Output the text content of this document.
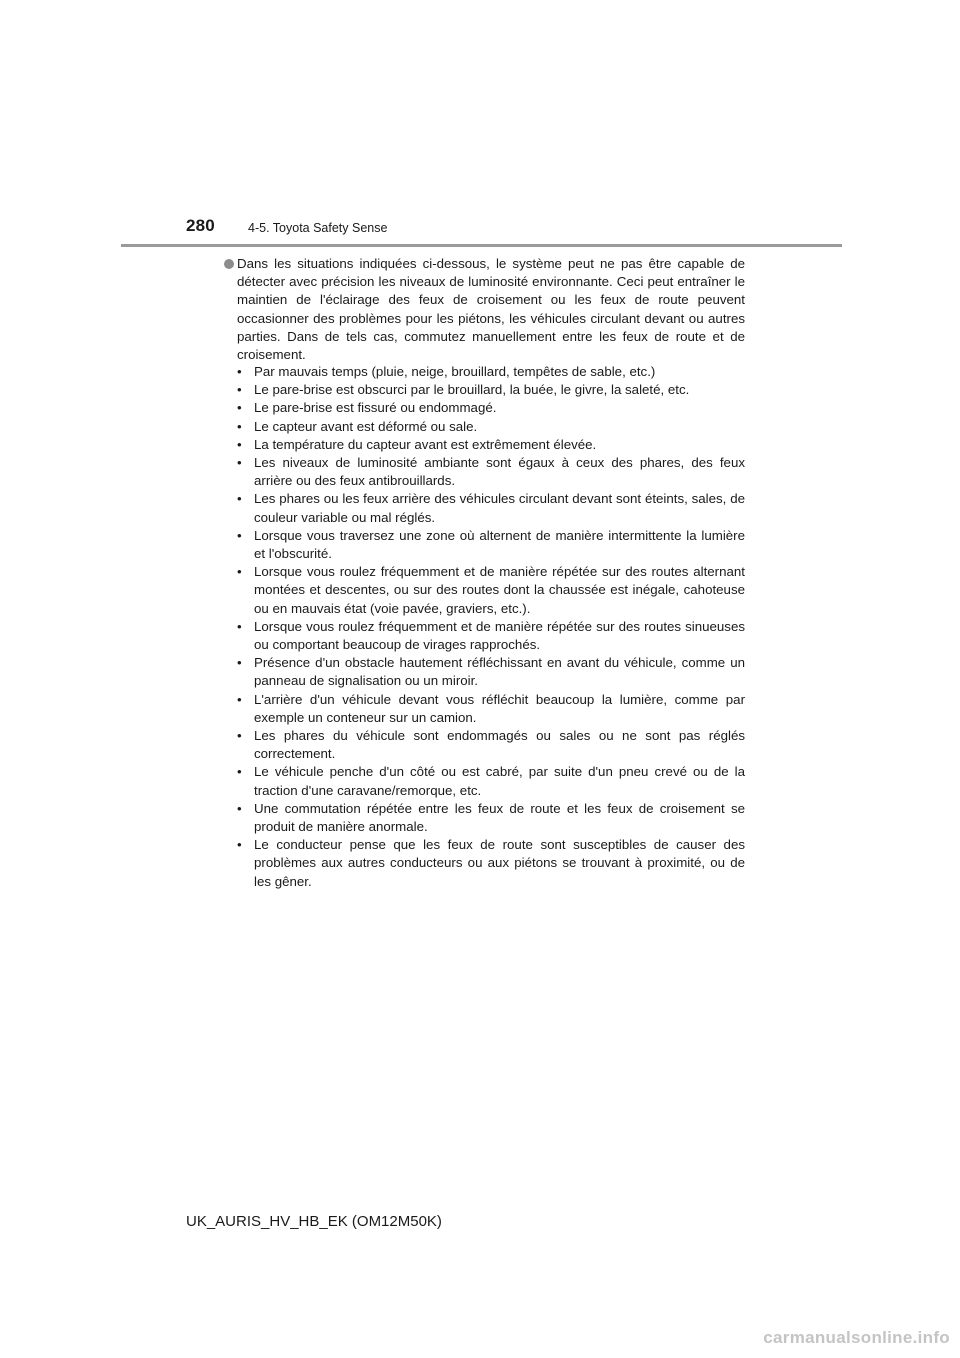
280	4-5. Toyota Safety Sense

Dans les situations indiquées ci-dessous, le système peut ne pas être capable de détecter avec précision les niveaux de luminosité environnante. Ceci peut entraîner le maintien de l'éclairage des feux de croisement ou les feux de route peuvent occasionner des problèmes pour les piétons, les véhicules circulant devant ou autres parties. Dans de tels cas, commutez manuellement entre les feux de route et de croisement.

• Par mauvais temps (pluie, neige, brouillard, tempêtes de sable, etc.)
• Le pare-brise est obscurci par le brouillard, la buée, le givre, la saleté, etc.
• Le pare-brise est fissuré ou endommagé.
• Le capteur avant est déformé ou sale.
• La température du capteur avant est extrêmement élevée.
• Les niveaux de luminosité ambiante sont égaux à ceux des phares, des feux arrière ou des feux antibrouillards.
• Les phares ou les feux arrière des véhicules circulant devant sont éteints, sales, de couleur variable ou mal réglés.
• Lorsque vous traversez une zone où alternent de manière intermittente la lumière et l'obscurité.
• Lorsque vous roulez fréquemment et de manière répétée sur des routes alternant montées et descentes, ou sur des routes dont la chaussée est inégale, cahoteuse ou en mauvais état (voie pavée, graviers, etc.).
• Lorsque vous roulez fréquemment et de manière répétée sur des routes sinueuses ou comportant beaucoup de virages rapprochés.
• Présence d'un obstacle hautement réfléchissant en avant du véhicule, comme un panneau de signalisation ou un miroir.
• L'arrière d'un véhicule devant vous réfléchit beaucoup la lumière, comme par exemple un conteneur sur un camion.
• Les phares du véhicule sont endommagés ou sales ou ne sont pas réglés correctement.
• Le véhicule penche d'un côté ou est cabré, par suite d'un pneu crevé ou de la traction d'une caravane/remorque, etc.
• Une commutation répétée entre les feux de route et les feux de croisement se produit de manière anormale.
• Le conducteur pense que les feux de route sont susceptibles de causer des problèmes aux autres conducteurs ou aux piétons se trouvant à proximité, ou de les gêner.
UK_AURIS_HV_HB_EK (OM12M50K)
carmanualsonline.info
